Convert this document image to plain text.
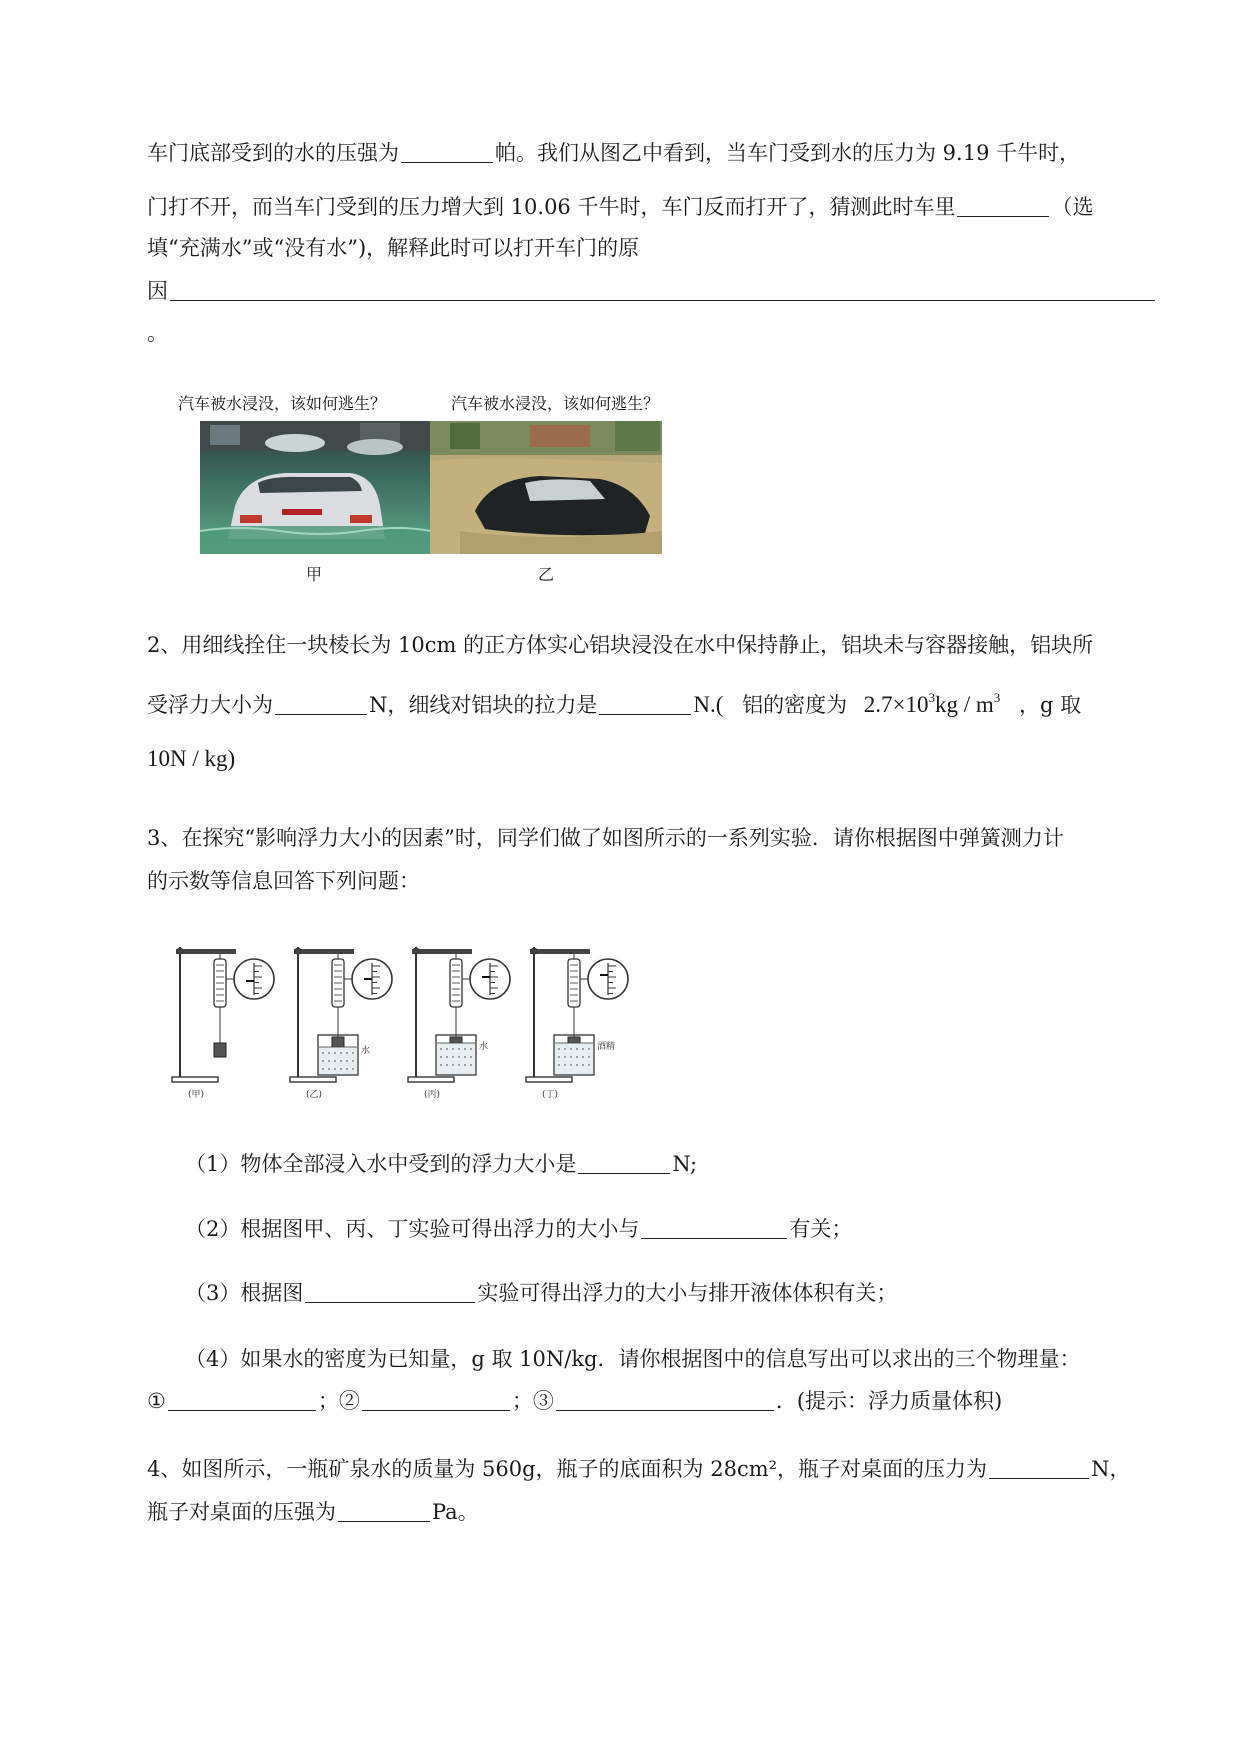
车门底部受到的水的压强为	帕。我们从图乙中看到，当车门受到水的压力为 9.19 千牛时，
门打不开，而当车门受到的压力增大到 10.06 千牛时，车门反而打开了，猜测此时车里	（选
填“充满水”或“没有水”)，解释此时可以打开车门的原
因
。
汽车被水浸没，该如何逃生？	汽车被水浸没，该如何逃生？
甲	乙
2、用细线拴住一块棱长为 10cm 的正方体实心铝块浸没在水中保持静止，铝块未与容器接触，铝块所
受浮力大小为	N，细线对铝块的拉力是	N.( 铝的密度为 $2.7\times 10^3kg / m^3$ ，g 取
10N / kg)
3、在探究“影响浮力大小的因素”时，同学们做了如图所示的一系列实验．请你根据图中弹簧测力计
的示数等信息回答下列问题：
(甲)
水
(乙)
水
(丙)
酒精
(丁)
（1）物体全部浸入水中受到的浮力大小是	N;
（2）根据图甲、丙、丁实验可得出浮力的大小与	有关；
（3）根据图	实验可得出浮力的大小与排开液体体积有关；
（4）如果水的密度为已知量，g 取 10N/kg．请你根据图中的信息写出可以求出的三个物理量：
①	；②	；③	．(提示：浮力质量体积)
4、如图所示，一瓶矿泉水的质量为 560g，瓶子的底面积为 28cm²，瓶子对桌面的压力为	N，
瓶子对桌面的压强为	Pa。
